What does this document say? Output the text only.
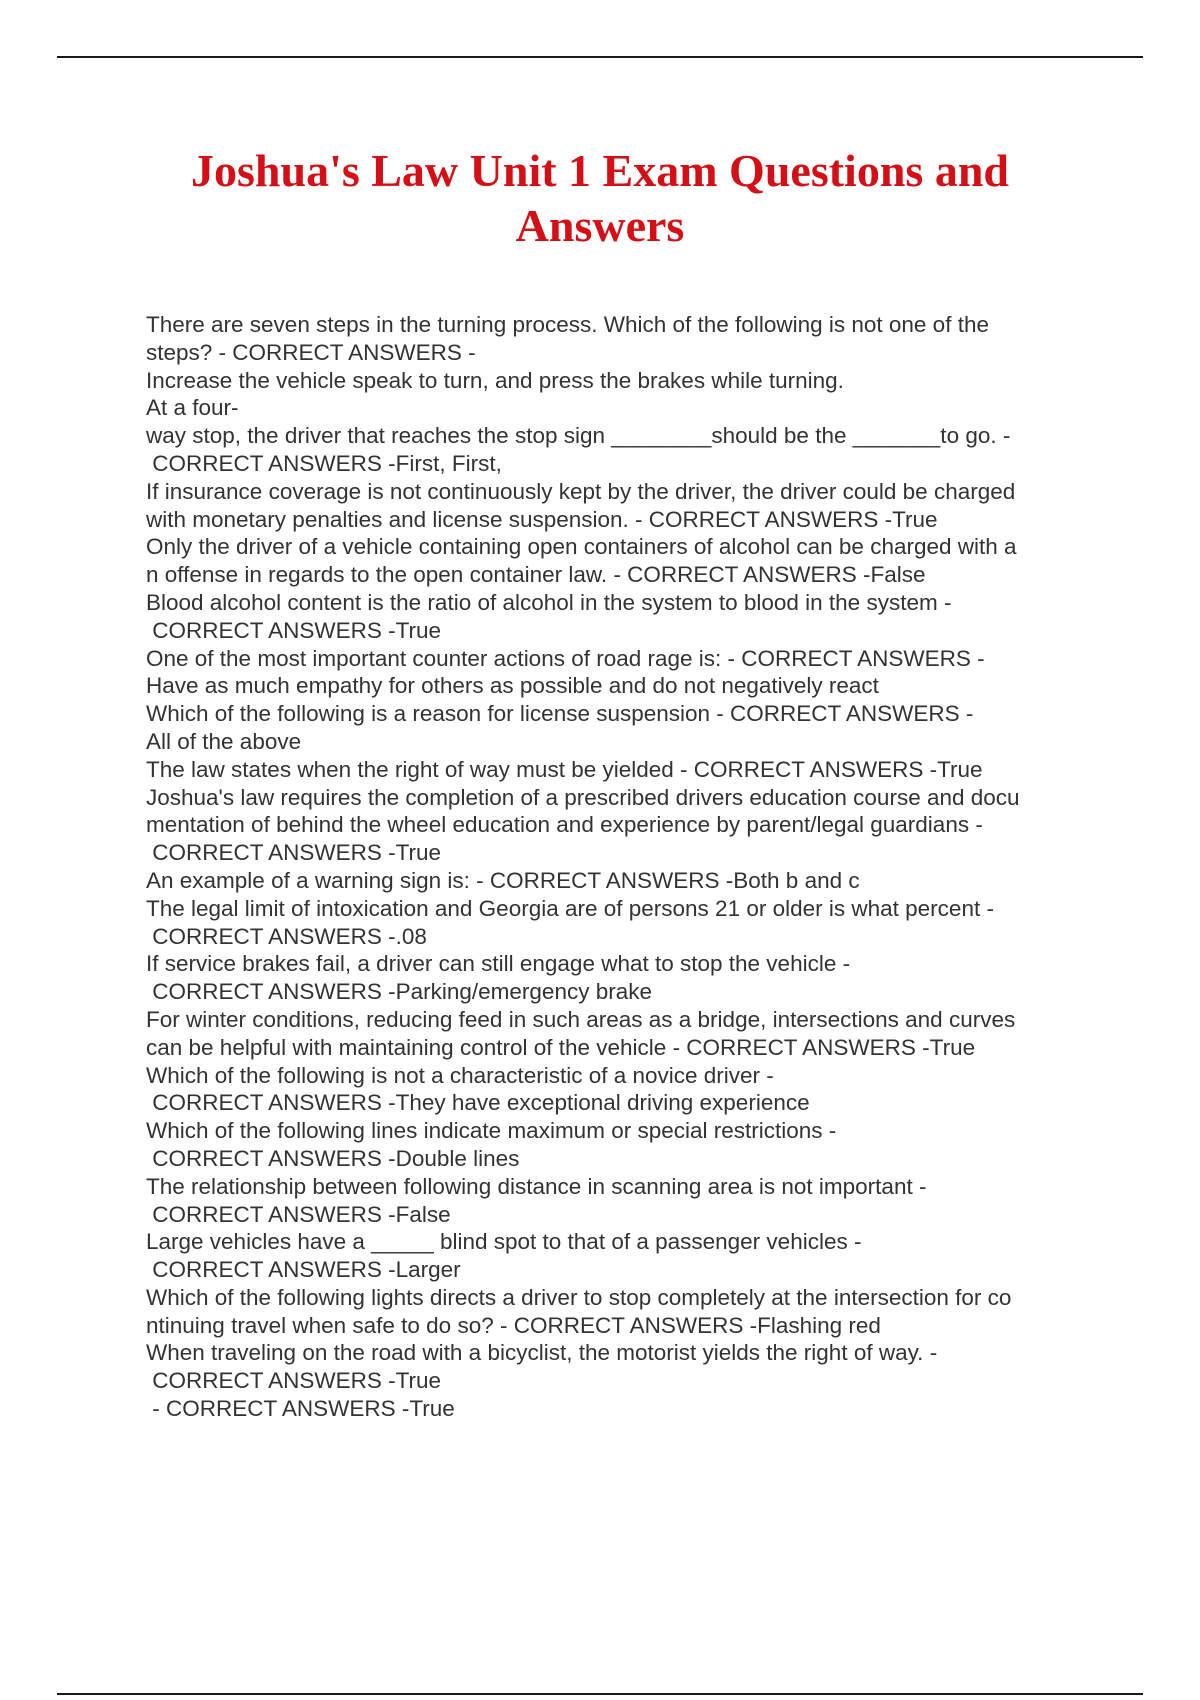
Joshua's Law Unit 1 Exam Questions and
Answers
There are seven steps in the turning process. Which of the following is not one of the
steps? - CORRECT ANSWERS -
Increase the vehicle speak to turn, and press the brakes while turning.
At a four-
way stop, the driver that reaches the stop sign ________should be the _______to go. -
CORRECT ANSWERS -First, First,
If insurance coverage is not continuously kept by the driver, the driver could be charged
with monetary penalties and license suspension. - CORRECT ANSWERS -True
Only the driver of a vehicle containing open containers of alcohol can be charged with a
n offense in regards to the open container law. - CORRECT ANSWERS -False
Blood alcohol content is the ratio of alcohol in the system to blood in the system -
CORRECT ANSWERS -True
One of the most important counter actions of road rage is: - CORRECT ANSWERS -
Have as much empathy for others as possible and do not negatively react
Which of the following is a reason for license suspension - CORRECT ANSWERS -
All of the above
The law states when the right of way must be yielded - CORRECT ANSWERS -True
Joshua's law requires the completion of a prescribed drivers education course and docu
mentation of behind the wheel education and experience by parent/legal guardians -
CORRECT ANSWERS -True
An example of a warning sign is: - CORRECT ANSWERS -Both b and c
The legal limit of intoxication and Georgia are of persons 21 or older is what percent -
CORRECT ANSWERS -.08
If service brakes fail, a driver can still engage what to stop the vehicle -
CORRECT ANSWERS -Parking/emergency brake
For winter conditions, reducing feed in such areas as a bridge, intersections and curves
can be helpful with maintaining control of the vehicle - CORRECT ANSWERS -True
Which of the following is not a characteristic of a novice driver -
CORRECT ANSWERS -They have exceptional driving experience
Which of the following lines indicate maximum or special restrictions -
CORRECT ANSWERS -Double lines
The relationship between following distance in scanning area is not important -
CORRECT ANSWERS -False
Large vehicles have a _____ blind spot to that of a passenger vehicles -
CORRECT ANSWERS -Larger
Which of the following lights directs a driver to stop completely at the intersection for co
ntinuing travel when safe to do so? - CORRECT ANSWERS -Flashing red
When traveling on the road with a bicyclist, the motorist yields the right of way. -
CORRECT ANSWERS -True
- CORRECT ANSWERS -True
